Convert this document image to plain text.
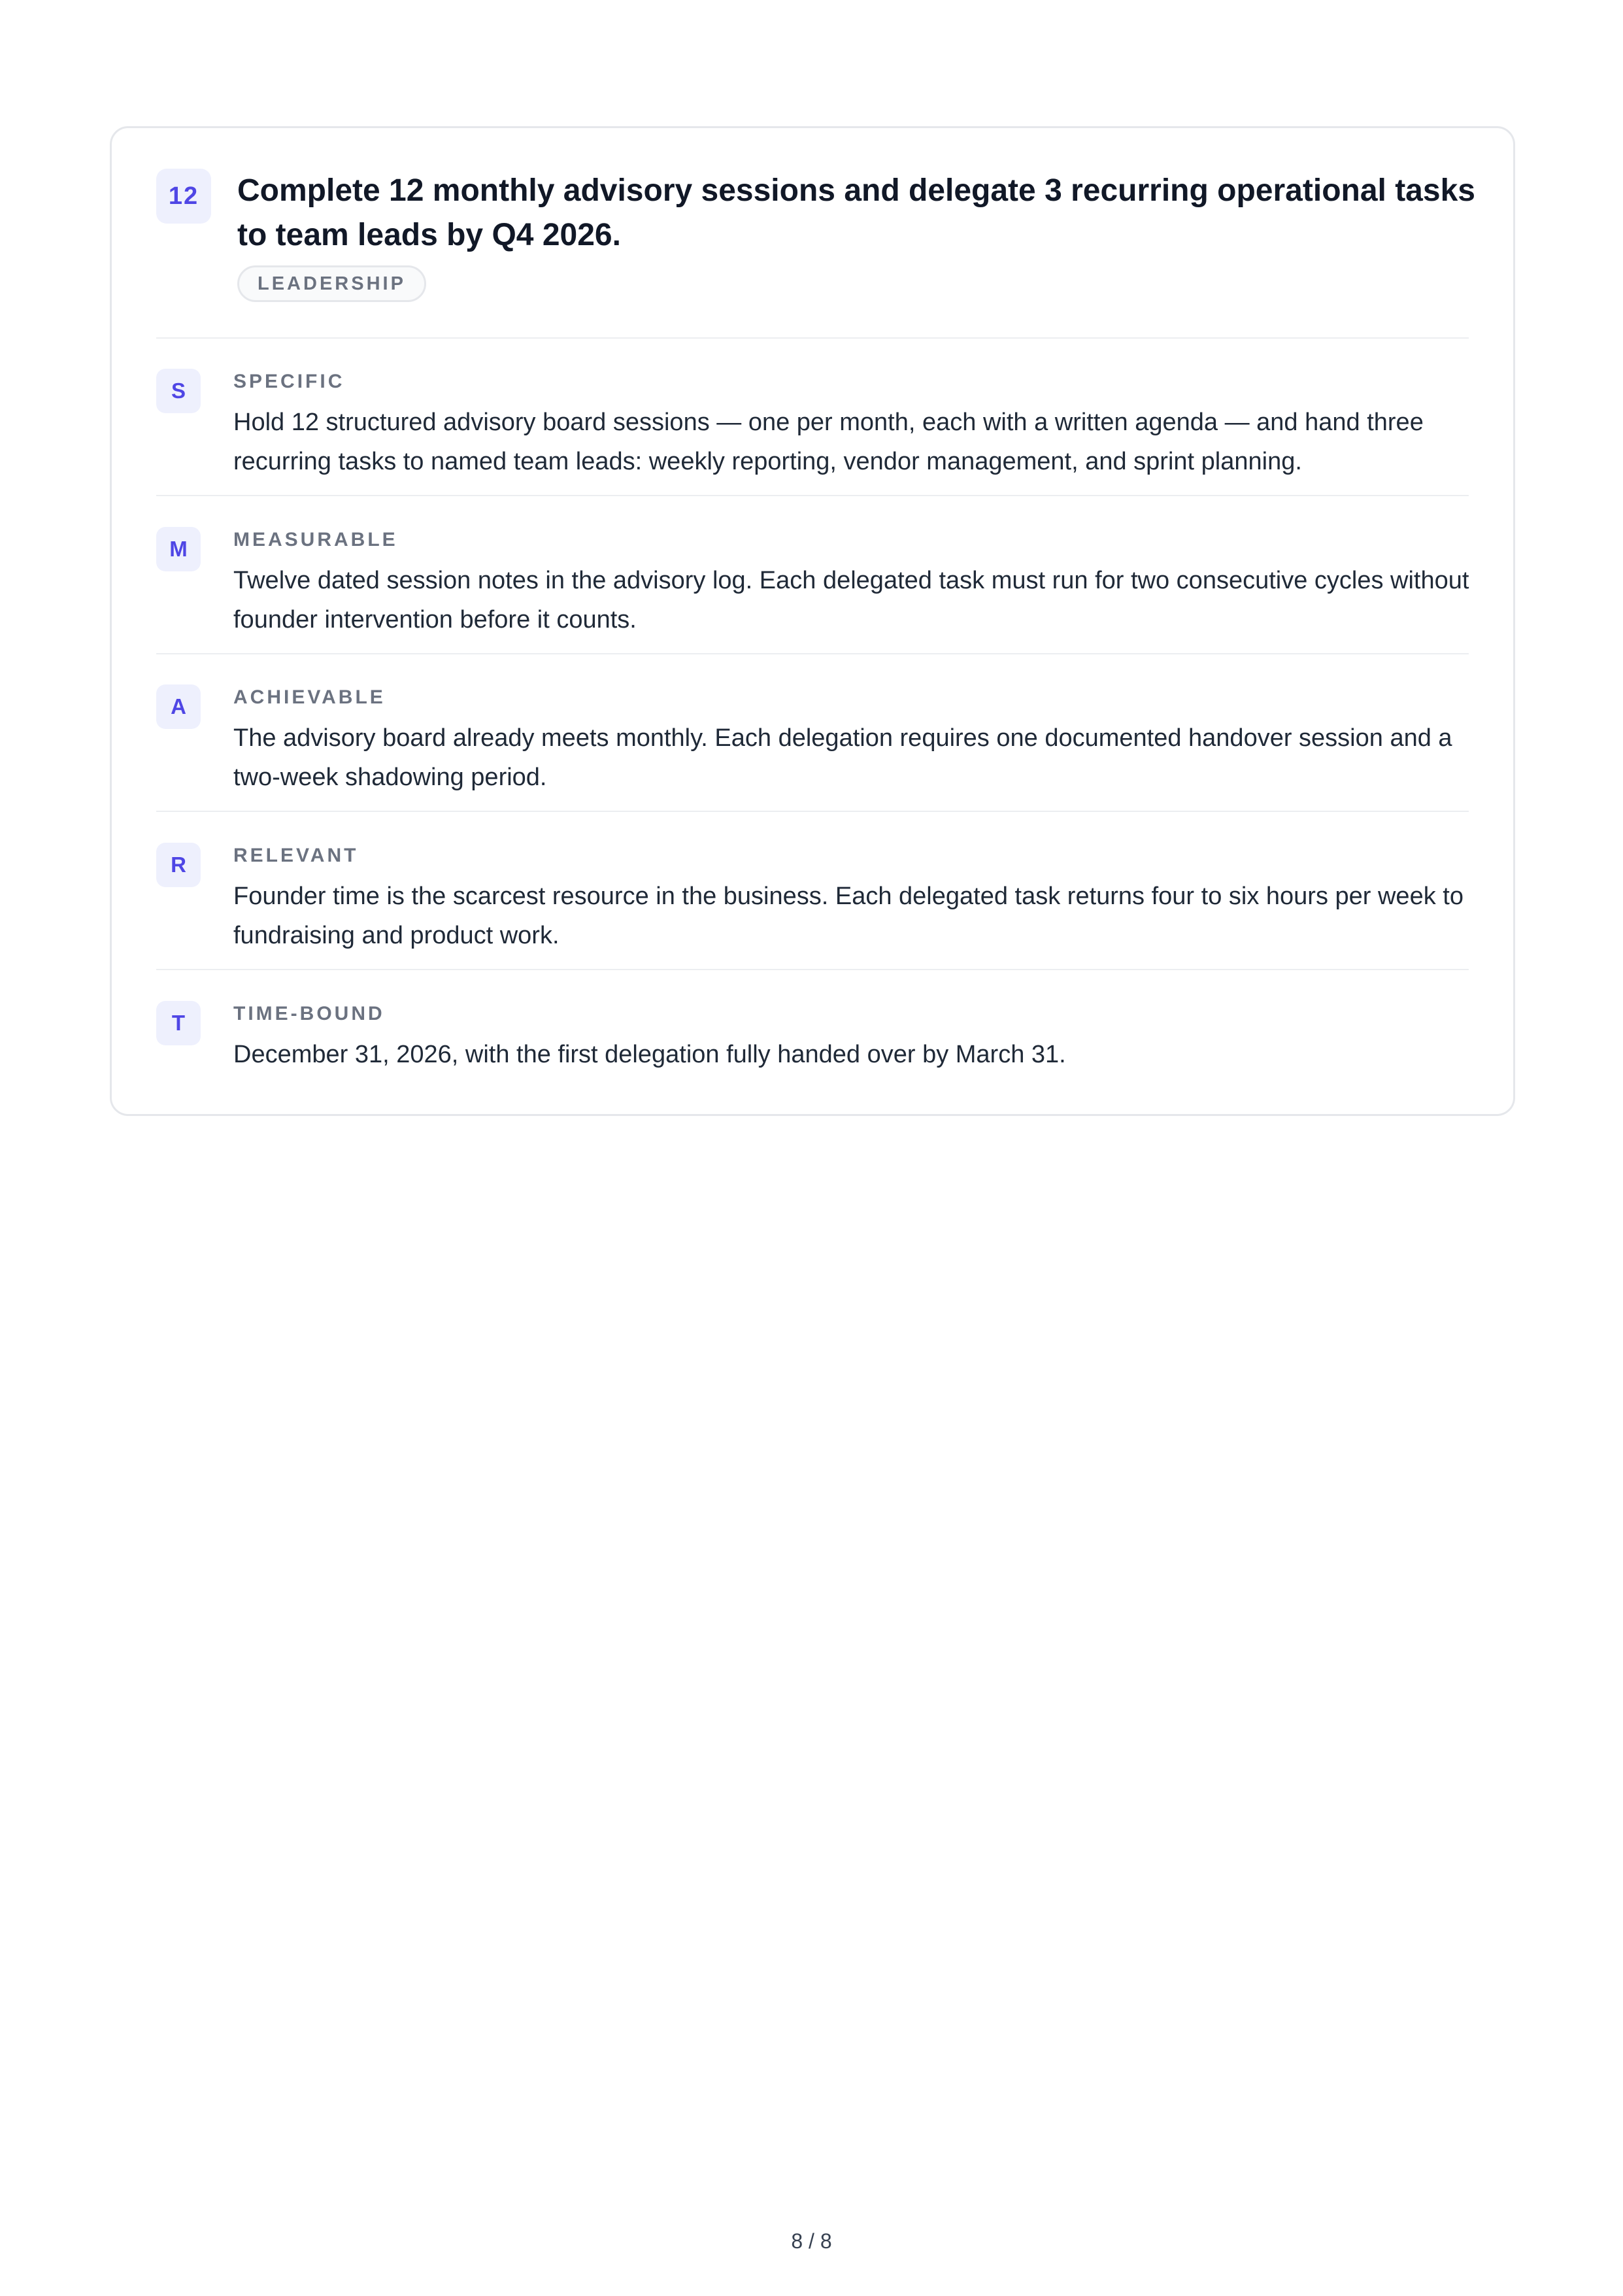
12	Complete 12 monthly advisory sessions and delegate 3 recurring operational tasks to team leads by Q4 2026.
LEADERSHIP
S	SPECIFIC

Hold 12 structured advisory board sessions — one per month, each with a written agenda — and hand three recurring tasks to named team leads: weekly reporting, vendor management, and sprint planning.

M	MEASURABLE

Twelve dated session notes in the advisory log. Each delegated task must run for two consecutive cycles without founder intervention before it counts.

A	ACHIEVABLE

The advisory board already meets monthly. Each delegation requires one documented handover session and a two-week shadowing period.

R	RELEVANT

Founder time is the scarcest resource in the business. Each delegated task returns four to six hours per week to fundraising and product work.

T	TIME-BOUND

December 31, 2026, with the first delegation fully handed over by March 31.

8 / 8
